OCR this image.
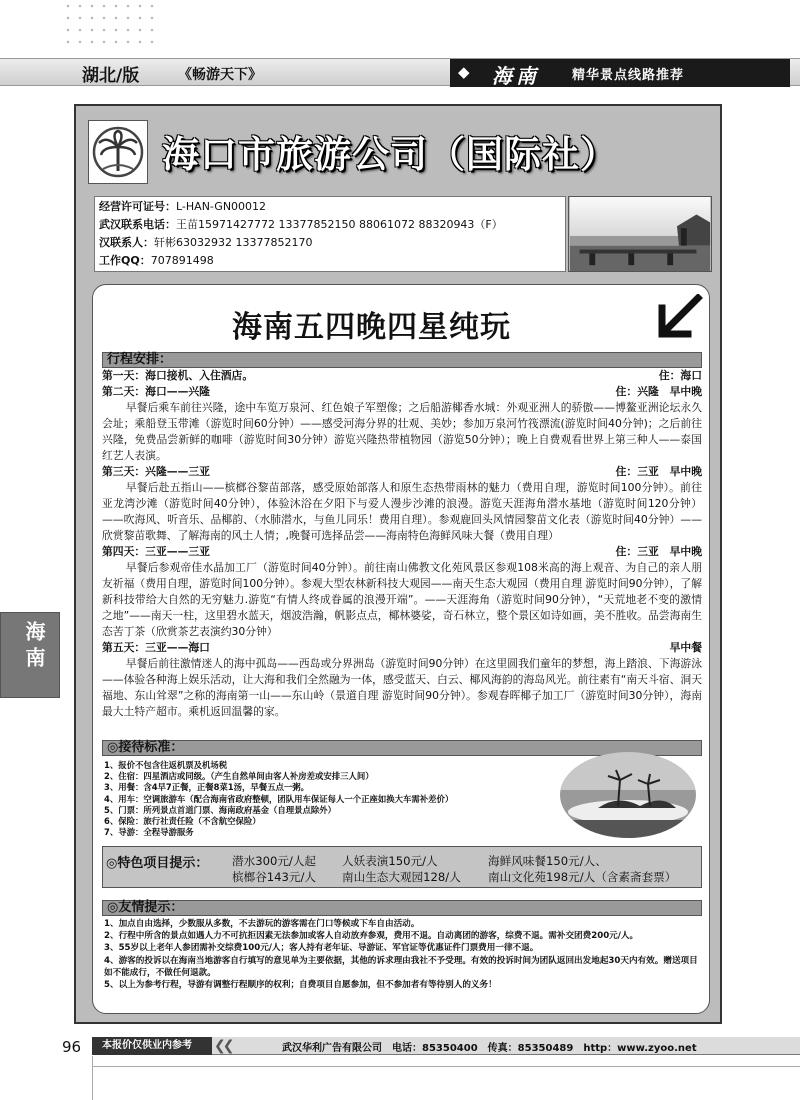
湖北/版	《畅游天下》	◆ 海南 精华景点线路推荐
海南
海口市旅游公司（国际社）
经营许可证号：L-HAN-GN00012
武汉联系电话：王苗15971427772 13377852150 88061072 88320943（F）
汉联系人：轩彬63032932 13377852170
工作QQ：707891498
海南五四晚四星纯玩
行程安排：
第一天：海口接机、入住酒店。	住：海口
第二天：海口——兴隆	住：兴隆　早中晚
早餐后乘车前往兴隆，途中车览万泉河、红色娘子军塑像；之后船游椰香水城：外观亚洲人的骄傲——博鳌亚洲论坛永久会址；乘船登玉带滩（游览时间60分钟）——感受河海分界的壮观、美妙；参加万泉河竹筏漂流(游览时间40分钟)；之后前往兴隆，免费品尝新鲜的咖啡（游览时间30分钟）游览兴隆热带植物园（游览50分钟）；晚上自费观看世界上第三种人——泰国红艺人表演。
第三天：兴隆——三亚	住：三亚　早中晚
早餐后赴五指山——槟榔谷黎苗部落，感受原始部落人和原生态热带雨林的魅力（费用自理，游览时间100分钟）。前往亚龙湾沙滩（游览时间40分钟），体验沐浴在夕阳下与爱人漫步沙滩的浪漫。游览天涯海角潜水基地（游览时间120分钟）——吹海风、听音乐、品椰韵、（水肺潜水，与鱼儿同乐！费用自理）。参观鹿回头风情园黎苗文化表（游览时间40分钟）——欣赏黎苗歌舞、了解海南的风土人情；,晚餐可选择品尝——海南特色海鲜风味大餐（费用自理）
第四天：三亚——三亚	住：三亚　早中晚
早餐后参观帝佳水晶加工厂（游览时间40分钟）。前往南山佛教文化苑风景区参观108米高的海上观音、为自己的亲人朋友祈福（费用自理，游览时间100分钟）。参观大型农林新科技大观园——南天生态大观园（费用自理 游览时间90分钟），了解新科技带给大自然的无穷魅力.游览“有情人终成眷属的浪漫开端”。——天涯海角（游览时间90分钟），“天荒地老不变的激情之地”——南天一柱，这里碧水蓝天，烟波浩瀚，帆影点点，椰林婆娑，奇石林立，整个景区如诗如画，美不胜收。品尝海南生态苦丁茶（欣赏茶艺表演约30分钟）
第五天：三亚——海口	早中餐
早餐后前往激情迷人的海中孤岛——西岛或分界洲岛（游览时间90分钟）在这里圆我们童年的梦想，海上踏浪、下海游泳——体验各种海上娱乐活动，让大海和我们全然融为一体，感受蓝天、白云、椰风海韵的海岛风光。前往素有“南天斗宿、洞天福地、东山耸翠”之称的海南第一山——东山岭（景道自理 游览时间90分钟）。参观春晖椰子加工厂（游览时间30分钟），海南最大土特产超市。乘机返回温馨的家。
◎接待标准：
1、报价不包含往返机票及机场税
2、住宿：四星酒店或同级。（产生自然单间由客人补房差或安排三人间）
3、用餐：含4早7正餐，正餐8菜1汤，早餐五点一粥。
4、用车：空调旅游车（配合海南省政府整顿，团队用车保证每人一个正座如换大车需补差价）
5、门票：所列景点首道门票、海南政府基金（自理景点除外）
6、保险：旅行社责任险（不含航空保险）
7、导游：全程导游服务
◎特色项目提示： 潜水300元/人起	人妖表演150元/人	海鲜风味餐150元/人、
槟榔谷143元/人	南山生态大观园128/人	南山文化苑198元/人（含素斋套票）
◎友情提示：
1、加点自由选择，少数服从多数，不去游玩的游客需在门口等候或下车自由活动。
2、行程中所含的景点如遇人力不可抗拒因素无法参加或客人自动放弃参观，费用不退。自动离团的游客，综费不退。需补交团费200元/人。
3、55岁以上老年人参团需补交综费100元/人；客人持有老年证、导游证、军官证等优惠证件门票费用一律不退。
4、游客的投诉以在海南当地游客自行填写的意见单为主要依据，其他的诉求理由我社不予受理。有效的投诉时间为团队返回出发地起30天内有效。赠送项目如不能成行，不做任何退款。
5、以上为参考行程，导游有调整行程顺序的权利；自费项目自愿参加，但不参加者有等待别人的义务！
96	本报价仅供业内参考	❮❮	武汉华利广告有限公司　电话：85350400　传真：85350489　http：www.zyoo.net
